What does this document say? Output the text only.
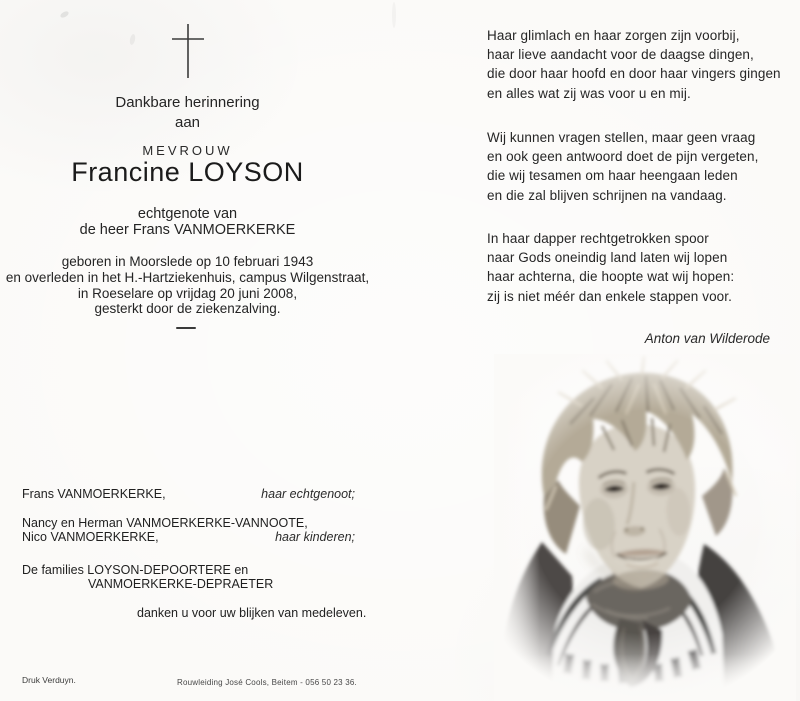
Dankbare herinnering
aan
MEVROUW
Francine LOYSON
echtgenote van
de heer Frans VANMOERKERKE
geboren in Moorslede op 10 februari 1943
en overleden in het H.-Hartziekenhuis, campus Wilgenstraat,
in Roeselare op vrijdag 20 juni 2008,
gesterkt door de ziekenzalving.
Frans VANMOERKERKE,	haar echtgenoot;
Nancy en Herman VANMOERKERKE-VANNOOTE,
Nico VANMOERKERKE,	haar kinderen;
De families LOYSON-DEPOORTERE en
VANMOERKERKE-DEPRAETER
danken u voor uw blijken van medeleven.
Druk Verduyn.	Rouwleiding José Cools, Beitem - 056 50 23 36.
Haar glimlach en haar zorgen zijn voorbij,
haar lieve aandacht voor de daagse dingen,
die door haar hoofd en door haar vingers gingen
en alles wat zij was voor u en mij.
Wij kunnen vragen stellen, maar geen vraag
en ook geen antwoord doet de pijn vergeten,
die wij tesamen om haar heengaan leden
en die zal blijven schrijnen na vandaag.
In haar dapper rechtgetrokken spoor
naar Gods oneindig land laten wij lopen
haar achterna, die hoopte wat wij hopen:
zij is niet méér dan enkele stappen voor.
Anton van Wilderode
